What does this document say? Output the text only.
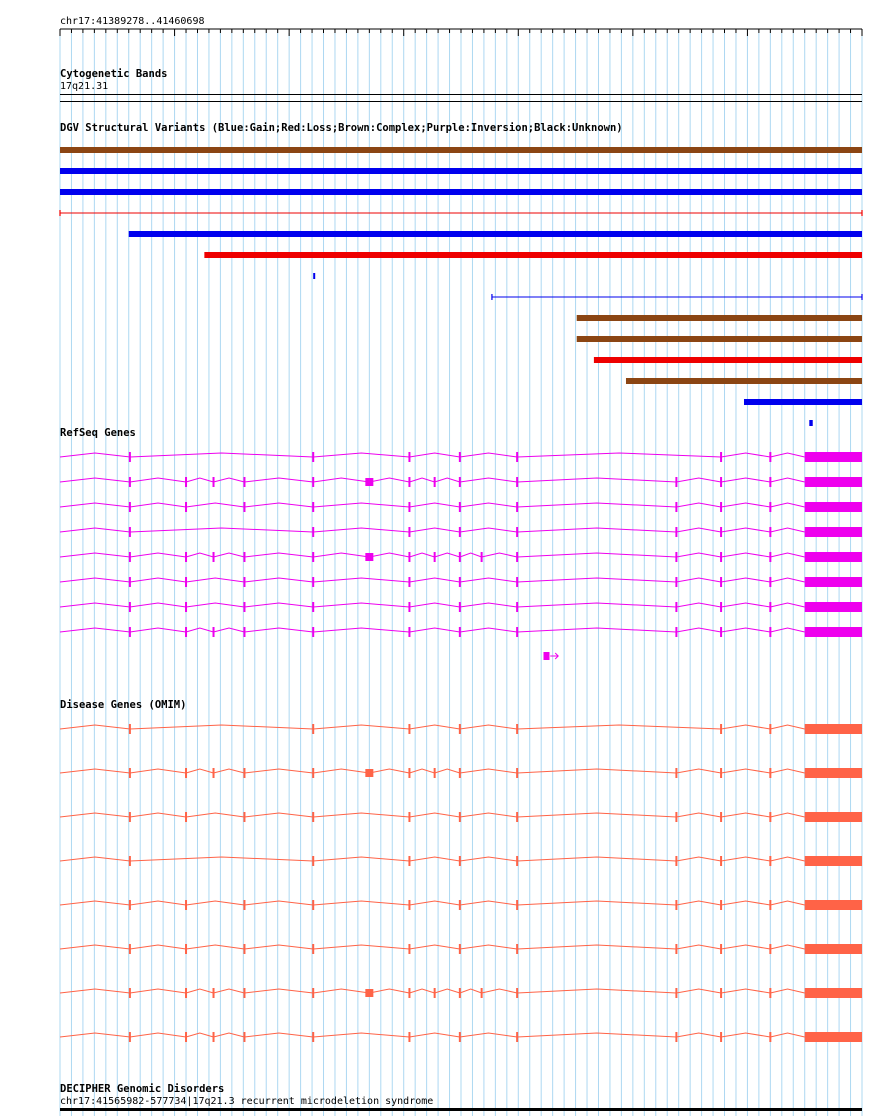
chr17:41389278..41460698
Cytogenetic Bands
17q21.31
DGV Structural Variants (Blue:Gain;Red:Loss;Brown:Complex;Purple:Inversion;Black:Unknown)
RefSeq Genes
Disease Genes (OMIM)
DECIPHER Genomic Disorders
chr17:41565982-577734|17q21.3 recurrent microdeletion syndrome
